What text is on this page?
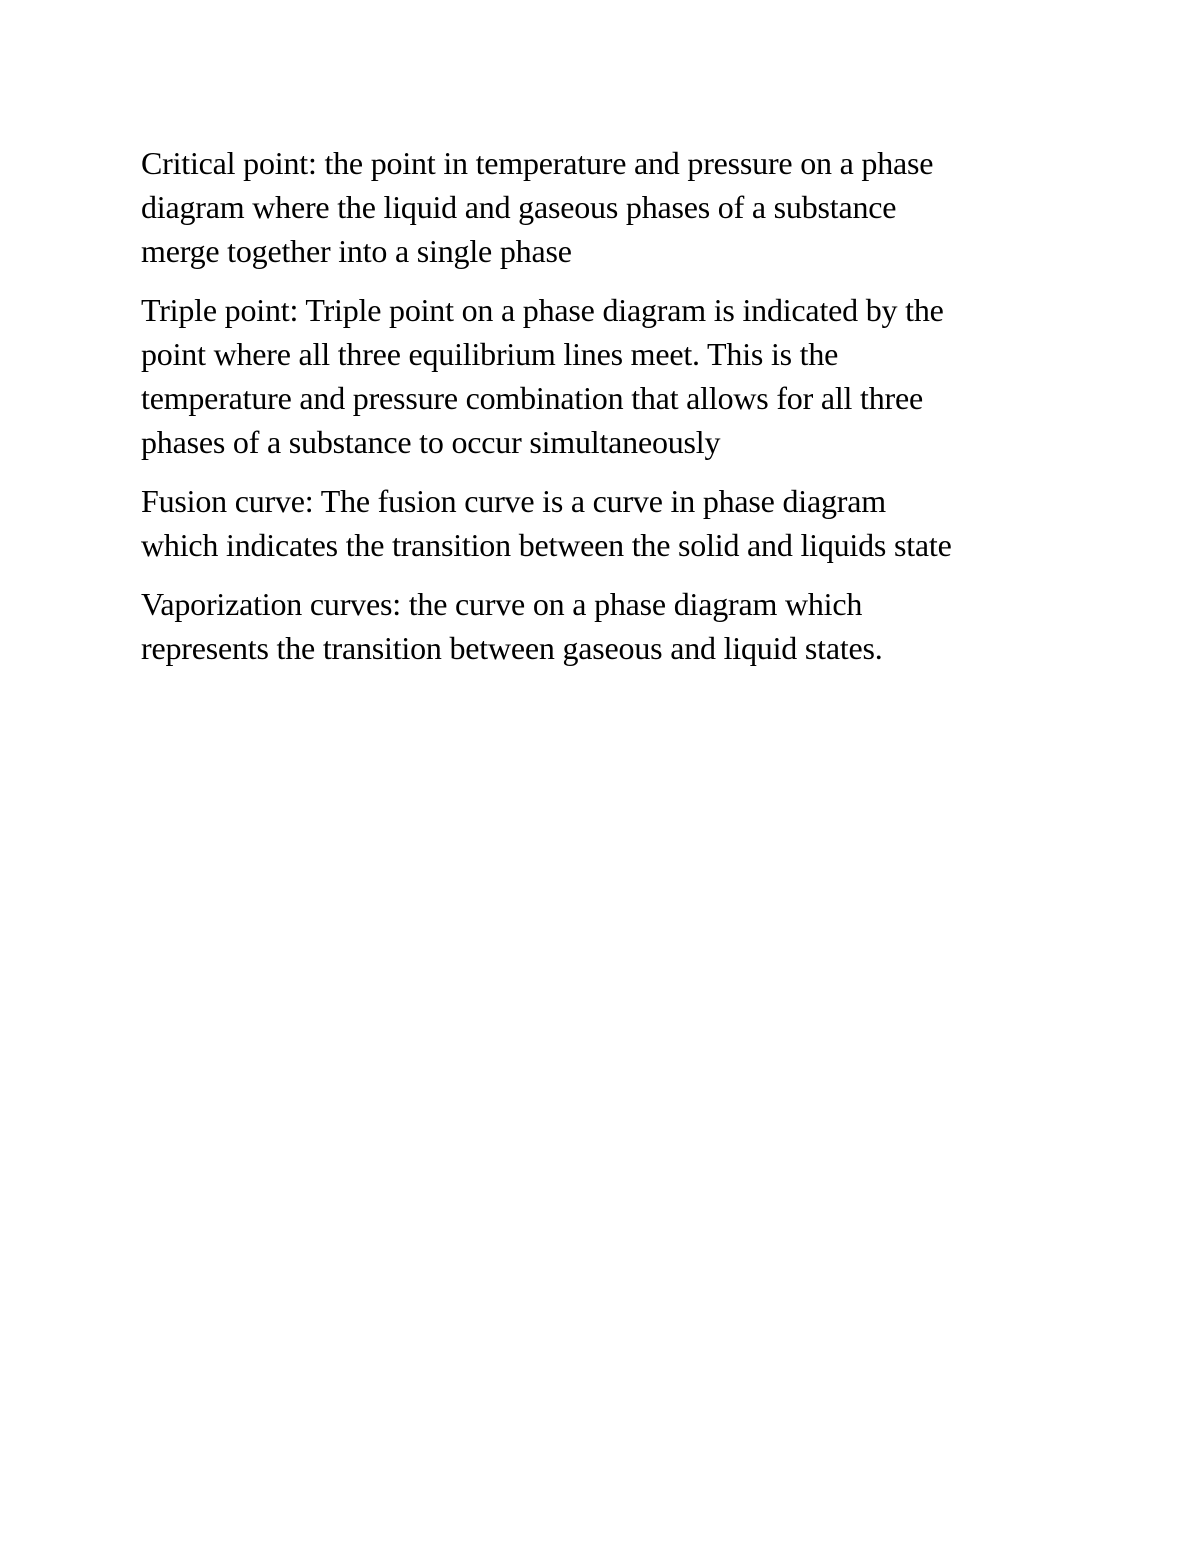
Critical point: the point in temperature and pressure on a phase
diagram where the liquid and gaseous phases of a substance
merge together into a single phase

Triple point: Triple point on a phase diagram is indicated by the
point where all three equilibrium lines meet. This is the
temperature and pressure combination that allows for all three
phases of a substance to occur simultaneously

Fusion curve: The fusion curve is a curve in phase diagram
which indicates the transition between the solid and liquids state

Vaporization curves: the curve on a phase diagram which
represents the transition between gaseous and liquid states.
